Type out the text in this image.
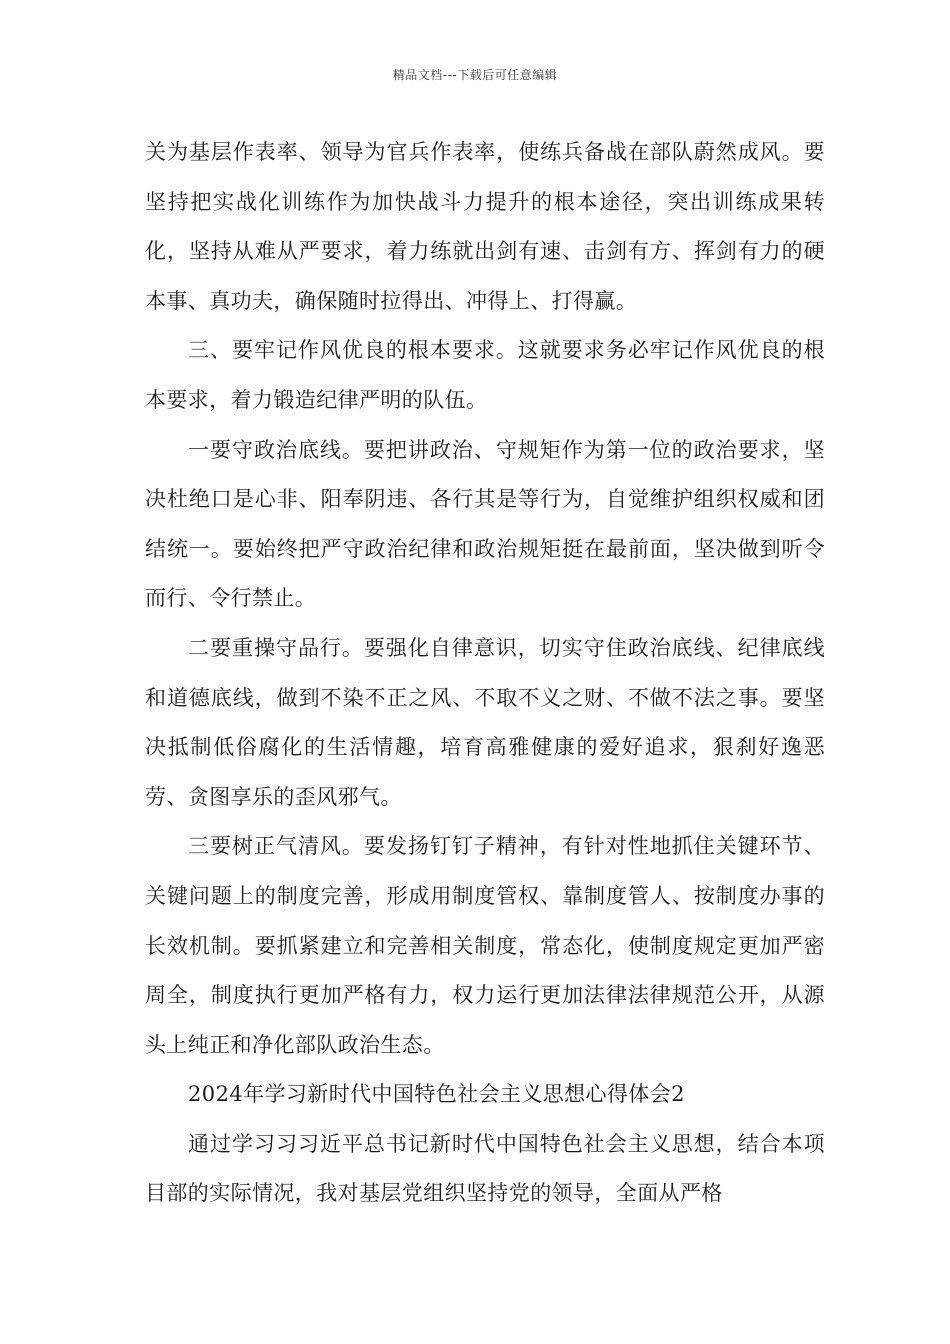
精品文档---下载后可任意编辑

关为基层作表率、领导为官兵作表率，使练兵备战在部队蔚然成风。要坚持把实战化训练作为加快战斗力提升的根本途径，突出训练成果转化，坚持从难从严要求，着力练就出剑有速、击剑有方、挥剑有力的硬本事、真功夫，确保随时拉得出、冲得上、打得赢。

三、要牢记作风优良的根本要求。这就要求务必牢记作风优良的根本要求，着力锻造纪律严明的队伍。

一要守政治底线。要把讲政治、守规矩作为第一位的政治要求，坚决杜绝口是心非、阳奉阴违、各行其是等行为，自觉维护组织权威和团结统一。要始终把严守政治纪律和政治规矩挺在最前面，坚决做到听令而行、令行禁止。

二要重操守品行。要强化自律意识，切实守住政治底线、纪律底线和道德底线，做到不染不正之风、不取不义之财、不做不法之事。要坚决抵制低俗腐化的生活情趣，培育高雅健康的爱好追求，狠刹好逸恶劳、贪图享乐的歪风邪气。

三要树正气清风。要发扬钉钉子精神，有针对性地抓住关键环节、关键问题上的制度完善，形成用制度管权、靠制度管人、按制度办事的长效机制。要抓紧建立和完善相关制度，常态化，使制度规定更加严密周全，制度执行更加严格有力，权力运行更加法律法律规范公开，从源头上纯正和净化部队政治生态。

2024年学习新时代中国特色社会主义思想心得体会2

通过学习习习近平总书记新时代中国特色社会主义思想，结合本项目部的实际情况，我对基层党组织坚持党的领导，全面从严格
